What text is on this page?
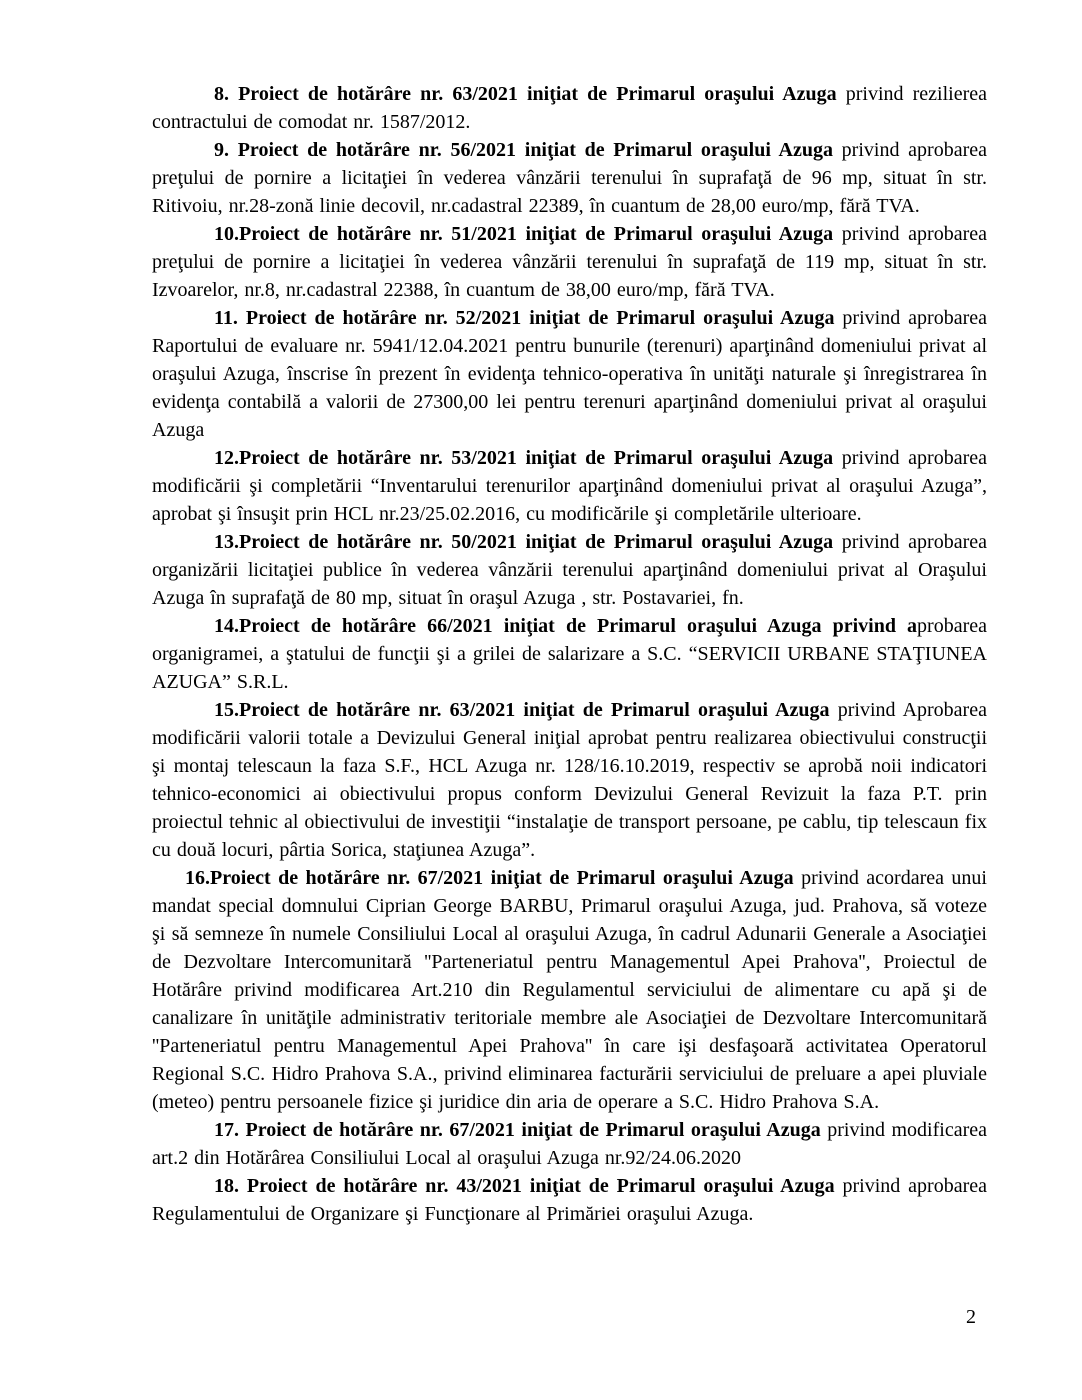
8. Proiect de hotărâre nr. 63/2021 iniţiat de Primarul oraşului Azuga privind rezilierea contractului de comodat nr. 1587/2012.

9. Proiect de hotărâre nr. 56/2021 iniţiat de Primarul oraşului Azuga privind aprobarea preţului de pornire a licitaţiei în vederea vânzării terenului în suprafaţă de 96 mp, situat în str. Ritivoiu, nr.28-zonă linie decovil, nr.cadastral 22389, în cuantum de 28,00 euro/mp, fără TVA.

10.Proiect de hotărâre nr. 51/2021 iniţiat de Primarul oraşului Azuga privind aprobarea preţului de pornire a licitaţiei în vederea vânzării terenului în suprafaţă de 119 mp, situat în str. Izvoarelor, nr.8, nr.cadastral 22388, în cuantum de 38,00 euro/mp, fără TVA.

11. Proiect de hotărâre nr. 52/2021 iniţiat de Primarul oraşului Azuga privind aprobarea Raportului de evaluare nr. 5941/12.04.2021 pentru bunurile (terenuri) aparţinând domeniului privat al oraşului Azuga, înscrise în prezent în evidenţa tehnico-operativa în unităţi naturale şi înregistrarea în evidenţa contabilă a valorii de 27300,00 lei pentru terenuri aparţinând domeniului privat al oraşului Azuga

12.Proiect de hotărâre nr. 53/2021 iniţiat de Primarul oraşului Azuga privind aprobarea modificării şi completării “Inventarului terenurilor aparţinând domeniului privat al oraşului Azuga”, aprobat şi însuşit prin HCL nr.23/25.02.2016, cu modificările şi completările ulterioare.

13.Proiect de hotărâre nr. 50/2021 iniţiat de Primarul oraşului Azuga privind aprobarea organizării licitaţiei publice în vederea vânzării terenului aparţinând domeniului privat al Oraşului Azuga în suprafaţă de 80 mp, situat în oraşul Azuga , str. Postavariei, fn.

14.Proiect de hotărâre 66/2021 iniţiat de Primarul oraşului Azuga privind aprobarea organigramei, a ştatului de funcţii şi a grilei de salarizare a S.C. “SERVICII URBANE STAŢIUNEA AZUGA” S.R.L.

15.Proiect de hotărâre nr. 63/2021 iniţiat de Primarul oraşului Azuga privind Aprobarea modificării valorii totale a Devizului General iniţial aprobat pentru realizarea obiectivului construcţii şi montaj telescaun la faza S.F., HCL Azuga nr. 128/16.10.2019, respectiv se aprobă noii indicatori tehnico-economici ai obiectivului propus conform Devizului General Revizuit la faza P.T. prin proiectul tehnic al obiectivului de investiţii “instalaţie de transport persoane, pe cablu, tip telescaun fix cu două locuri, pârtia Sorica, staţiunea Azuga”.

16.Proiect de hotărâre nr. 67/2021 iniţiat de Primarul oraşului Azuga privind acordarea unui mandat special domnului Ciprian George BARBU, Primarul oraşului Azuga, jud. Prahova, să voteze şi să semneze în numele Consiliului Local al oraşului Azuga, în cadrul Adunarii Generale a Asociaţiei de Dezvoltare Intercomunitară ''Parteneriatul pentru Managementul Apei Prahova'', Proiectul de Hotărâre privind modificarea Art.210 din Regulamentul serviciului de alimentare cu apă şi de canalizare în unităţile administrativ teritoriale membre ale Asociaţiei de Dezvoltare Intercomunitară ''Parteneriatul pentru Managementul Apei Prahova'' în care işi desfaşoară activitatea Operatorul Regional S.C. Hidro Prahova S.A., privind eliminarea facturării serviciului de preluare a apei pluviale (meteo) pentru persoanele fizice şi juridice din aria de operare a S.C. Hidro Prahova S.A.

17. Proiect de hotărâre nr. 67/2021 iniţiat de Primarul oraşului Azuga privind modificarea art.2 din Hotărârea Consiliului Local al oraşului Azuga nr.92/24.06.2020

18. Proiect de hotărâre nr. 43/2021 iniţiat de Primarul oraşului Azuga privind aprobarea Regulamentului de Organizare şi Funcţionare al Primăriei oraşului Azuga.

2
